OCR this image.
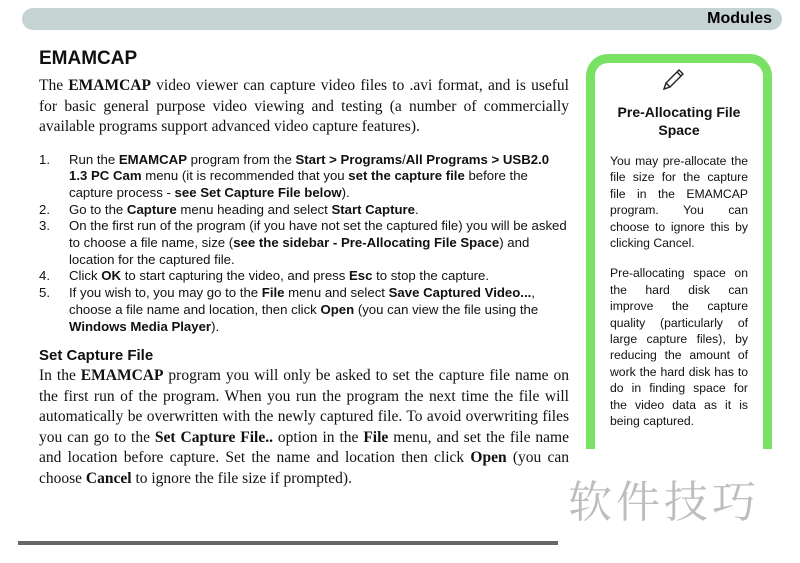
Modules
EMAMCAP
The EMAMCAP video viewer can capture video files to .avi format, and is useful for basic general purpose video viewing and testing (a number of commercially available programs support advanced video capture features).
1.	Run the EMAMCAP program from the Start > Programs/All Programs > USB2.0 1.3 PC Cam menu (it is recommended that you set the capture file before the capture process - see Set Capture File below).
2.	Go to the Capture menu heading and select Start Capture.
3.	On the first run of the program (if you have not set the captured file) you will be asked to choose a file name, size (see the sidebar - Pre-Allocating File Space) and location for the captured file.
4.	Click OK to start capturing the video, and press Esc to stop the capture.
5.	If you wish to, you may go to the File menu and select Save Captured Video..., choose a file name and location, then click Open (you can view the file using the Windows Media Player).
Set Capture File
In the EMAMCAP program you will only be asked to set the capture file name on the first run of the program. When you run the program the next time the file will automatically be overwritten with the newly captured file. To avoid overwriting files you can go to the Set Capture File.. option in the File menu, and set the file name and location before capture. Set the name and location then click Open (you can choose Cancel to ignore the file size if prompted).
Pre-Allocating File Space

You may pre-allocate the file size for the capture file in the EMAMCAP program. You can choose to ignore this by clicking Cancel.

Pre-allocating space on the hard disk can improve the capture quality (particularly of large capture files), by reducing the amount of work the hard disk has to do in finding space for the video data as it is being captured.

软件技巧
